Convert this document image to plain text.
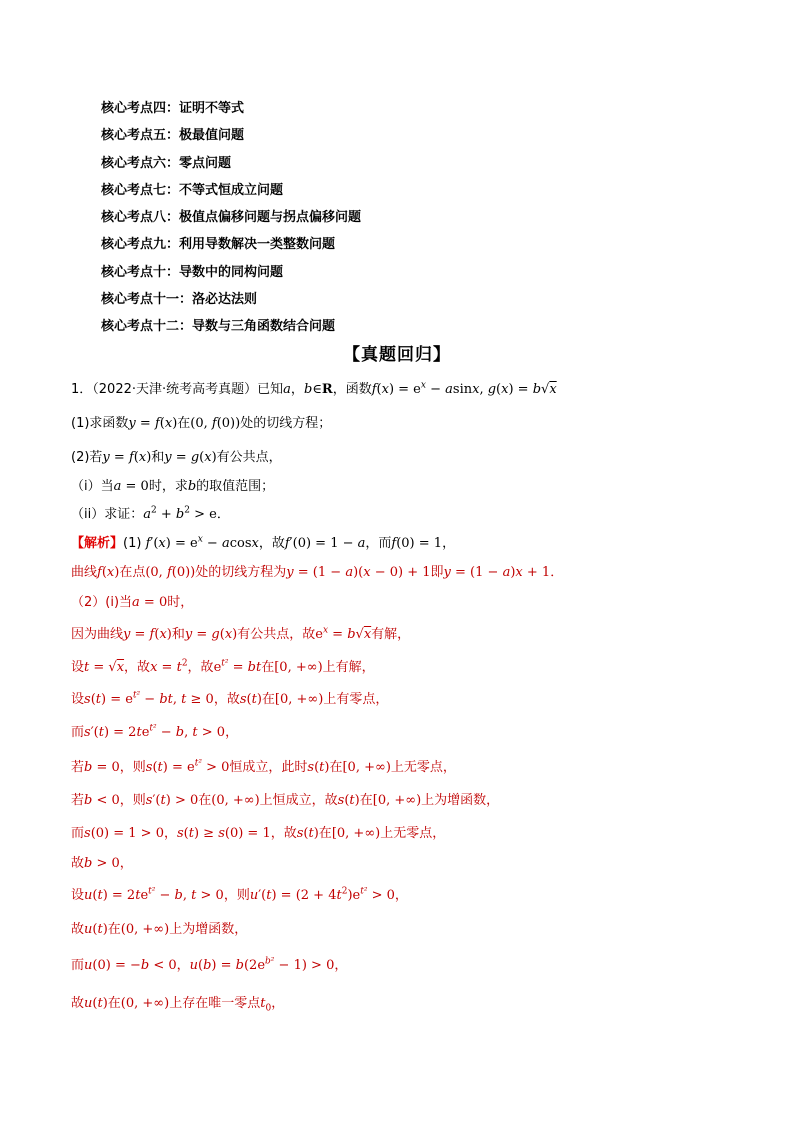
核心考点四：证明不等式
核心考点五：极最值问题
核心考点六：零点问题
核心考点七：不等式恒成立问题
核心考点八：极值点偏移问题与拐点偏移问题
核心考点九：利用导数解决一类整数问题
核心考点十：导数中的同构问题
核心考点十一：洛必达法则
核心考点十二：导数与三角函数结合问题
【真题回归】
1．（2022·天津·统考高考真题）已知a，b∈R，函数$f(x) = e^x - asinx$, g(x) = b√x
(1)求函数y = f(x)在(0, f(0))处的切线方程；
(2)若y = f(x)和y = g(x)有公共点，
（i）当a = 0时，求b的取值范围；
（ii）求证：$a^2 + b^2 > e$．
【解析】(1) $f'(x) = e^x - acosx$，故f′(0) = 1 − a，而f(0) = 1，
曲线f(x)在点(0, f(0))处的切线方程为y = (1 − a)(x − 0) + 1即y = (1 − a)x + 1．
（2）(i)当a = 0时，
因为曲线y = f(x)和y = g(x)有公共点，故$e^x = b√x$有解，
设t = √x，故$x = t^2$，故$e^{t^2}$ = bt在[0, +∞)上有解，
设$s(t) = e^{t^2}$ − bt, t ≥ 0，故s(t)在[0, +∞)上有零点，
而$s'(t) = 2te^{t^2} - b$, t > 0，
若b = 0，则$s(t) = e^{t^2} > 0$恒成立，此时s(t)在[0, +∞)上无零点，
若b < 0，则s′(t) > 0在(0, +∞)上恒成立，故s(t)在[0, +∞)上为增函数，
而s(0) = 1 > 0，s(t) ≥ s(0) = 1，故s(t)在[0, +∞)上无零点，
故b > 0，
设$u(t) = 2te^{t^2} - b$, t > 0，则$u'(t) = (2 + 4t^2)e^{t^2} > 0$，
故u(t)在(0, +∞)上为增函数，
而u(0) = −b < 0，$u(b) = b(2e^{b^2} - 1) > 0$，
故u(t)在(0, +∞)上存在唯一零点$t_0$，
